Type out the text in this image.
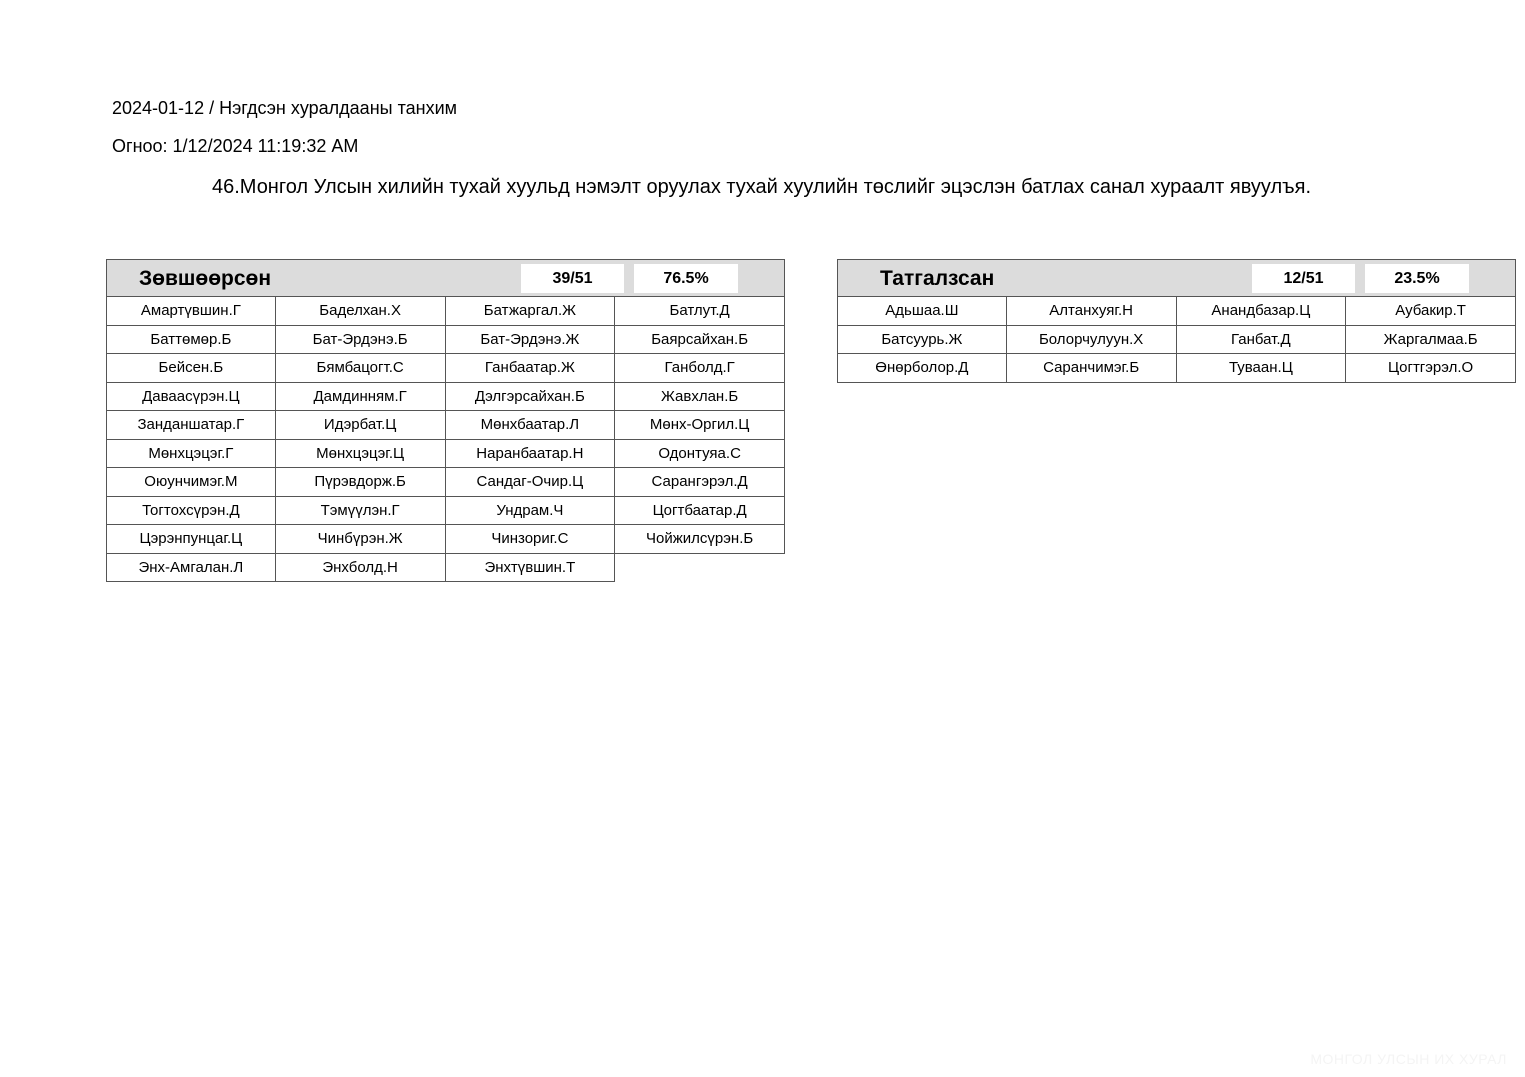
2024-01-12 / Нэгдсэн хуралдааны танхим
Огноо: 1/12/2024 11:19:32 AM
46.Монгол Улсын хилийн тухай хуульд нэмэлт оруулах тухай хуулийн төслийг эцэслэн батлах санал хураалт явуулъя.
Зөвшөөрсөн	39/51	76.5%
Амартүвшин.Г	Баделхан.Х	Батжаргал.Ж	Батлут.Д
Баттөмөр.Б	Бат-Эрдэнэ.Б	Бат-Эрдэнэ.Ж	Баярсайхан.Б
Бейсен.Б	Бямбацогт.С	Ганбаатар.Ж	Ганболд.Г
Даваасүрэн.Ц	Дамдинням.Г	Дэлгэрсайхан.Б	Жавхлан.Б
Занданшатар.Г	Идэрбат.Ц	Мөнхбаатар.Л	Мөнх-Оргил.Ц
Мөнхцэцэг.Г	Мөнхцэцэг.Ц	Наранбаатар.Н	Одонтуяа.С
Оюунчимэг.М	Пүрэвдорж.Б	Сандаг-Очир.Ц	Сарангэрэл.Д
Тогтохсүрэн.Д	Тэмүүлэн.Г	Ундрам.Ч	Цогтбаатар.Д
Цэрэнпунцаг.Ц	Чинбүрэн.Ж	Чинзориг.С	Чойжилсүрэн.Б
Энх-Амгалан.Л	Энхболд.Н	Энхтүвшин.Т
Татгалзсан	12/51	23.5%
Адьшаа.Ш	Алтанхуяг.Н	Анандбазар.Ц	Аубакир.Т
Батсуурь.Ж	Болорчулуун.Х	Ганбат.Д	Жаргалмаа.Б
Өнөрболор.Д	Саранчимэг.Б	Туваан.Ц	Цогтгэрэл.О
МОНГОЛ УЛСЫН ИХ ХУРАЛ
